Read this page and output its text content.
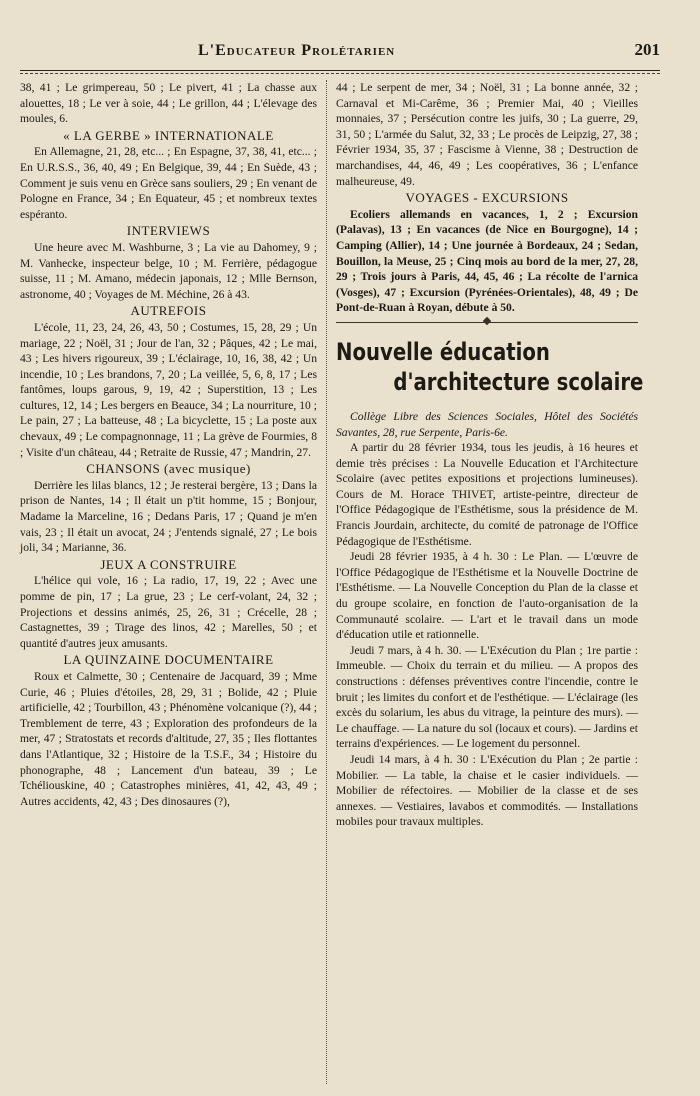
L'Educateur Prolétarien	201

38, 41 ; Le grimpereau, 50 ; Le pivert, 41 ; La chasse aux alouettes, 18 ; Le ver à soie, 44 ; Le grillon, 44 ; L'élevage des moules, 6.

« LA GERBE » INTERNATIONALE

En Allemagne, 21, 28, etc... ; En Espagne, 37, 38, 41, etc... ; En U.R.S.S., 36, 40, 49 ; En Belgique, 39, 44 ; En Suède, 43 ; Comment je suis venu en Grèce sans souliers, 29 ; En venant de Pologne en France, 34 ; En Equateur, 45 ; et nombreux textes espéranto.

INTERVIEWS

Une heure avec M. Washburne, 3 ; La vie au Dahomey, 9 ; M. Vanhecke, inspecteur belge, 10 ; M. Ferrière, pédagogue suisse, 11 ; M. Amano, médecin japonais, 12 ; Mlle Bernson, astronome, 40 ; Voyages de M. Méchine, 26 à 43.

AUTREFOIS

L'école, 11, 23, 24, 26, 43, 50 ; Costumes, 15, 28, 29 ; Un mariage, 22 ; Noël, 31 ; Jour de l'an, 32 ; Pâques, 42 ; Le mai, 43 ; Les hivers rigoureux, 39 ; L'éclairage, 10, 16, 38, 42 ; Un incendie, 10 ; Les brandons, 7, 20 ; La veillée, 5, 6, 8, 17 ; Les fantômes, loups garous, 9, 19, 42 ; Superstition, 13 ; Les cultures, 12, 14 ; Les bergers en Beauce, 34 ; La nourriture, 10 ; Le pain, 27 ; La batteuse, 48 ; La bicyclette, 15 ; La poste aux chevaux, 49 ; Le compagnonnage, 11 ; La grève de Fourmies, 8 ; Visite d'un château, 44 ; Retraite de Russie, 47 ; Mandrin, 27.

CHANSONS (avec musique)

Derrière les lilas blancs, 12 ; Je resterai bergère, 13 ; Dans la prison de Nantes, 14 ; Il était un p'tit homme, 15 ; Bonjour, Madame la Marceline, 16 ; Dedans Paris, 17 ; Quand je m'en vais, 23 ; Il était un avocat, 24 ; J'entends signalé, 27 ; Le bois joli, 34 ; Marianne, 36.

JEUX A CONSTRUIRE

L'hélice qui vole, 16 ; La radio, 17, 19, 22 ; Avec une pomme de pin, 17 ; La grue, 23 ; Le cerf-volant, 24, 32 ; Projections et dessins animés, 25, 26, 31 ; Crécelle, 28 ; Castagnettes, 39 ; Tirage des linos, 42 ; Marelles, 50 ; et quantité d'autres jeux amusants.

LA QUINZAINE DOCUMENTAIRE

Roux et Calmette, 30 ; Centenaire de Jacquard, 39 ; Mme Curie, 46 ; Pluies d'étoiles, 28, 29, 31 ; Bolide, 42 ; Pluie artificielle, 42 ; Tourbillon, 43 ; Phénomène volcanique (?), 44 ; Tremblement de terre, 43 ; Exploration des profondeurs de la mer, 47 ; Stratostats et records d'altitude, 27, 35 ; Iles flottantes dans l'Atlantique, 32 ; Histoire de la T.S.F., 34 ; Histoire du phonographe, 48 ; Lancement d'un bateau, 39 ; Le Tchéliouskine, 40 ; Catastrophes minières, 41, 42, 43, 49 ; Autres accidents, 42, 43 ; Des dinosaures (?),

44 ; Le serpent de mer, 34 ; Noël, 31 ; La bonne année, 32 ; Carnaval et Mi-Carême, 36 ; Premier Mai, 40 ; Vieilles monnaies, 37 ; Persécution contre les juifs, 30 ; La guerre, 29, 31, 50 ; L'armée du Salut, 32, 33 ; Le procès de Leipzig, 27, 38 ; Février 1934, 35, 37 ; Fascisme à Vienne, 38 ; Destruction de marchandises, 44, 46, 49 ; Les coopératives, 36 ; L'enfance malheureuse, 49.

VOYAGES - EXCURSIONS

Ecoliers allemands en vacances, 1, 2 ; Excursion (Palavas), 13 ; En vacances (de Nice en Bourgogne), 14 ; Camping (Allier), 14 ; Une journée à Bordeaux, 24 ; Sedan, Bouillon, la Meuse, 25 ; Cinq mois au bord de la mer, 27, 28, 29 ; Trois jours à Paris, 44, 45, 46 ; La récolte de l'arnica (Vosges), 47 ; Excursion (Pyrénées-Orientales), 48, 49 ; De Pont-de-Ruan à Royan, débute à 50.

Nouvelle éducation
d'architecture scolaire

Collège Libre des Sciences Sociales, Hôtel des Sociétés Savantes, 28, rue Serpente, Paris-6e.

A partir du 28 février 1934, tous les jeudis, à 16 heures et demie très précises : La Nouvelle Education et l'Architecture Scolaire (avec petites expositions et projections lumineuses). Cours de M. Horace THIVET, artiste-peintre, directeur de l'Office Pédagogique de l'Esthétisme, sous la présidence de M. Francis Jourdain, architecte, du comité de patronage de l'Office Pédagogique de l'Esthétisme.

Jeudi 28 février 1935, à 4 h. 30 : Le Plan. — L'œuvre de l'Office Pédagogique de l'Esthétisme et la Nouvelle Doctrine de l'Esthétisme. — La Nouvelle Conception du Plan de la classe et du groupe scolaire, en fonction de l'auto-organisation de la Communauté scolaire. — L'art et le travail dans un mode d'éducation utile et rationnelle.

Jeudi 7 mars, à 4 h. 30. — L'Exécution du Plan ; 1re partie : Immeuble. — Choix du terrain et du milieu. — A propos des constructions : défenses préventives contre l'incendie, contre le bruit ; les limites du confort et de l'esthétique. — L'éclairage (les excès du solarium, les abus du vitrage, la peinture des murs). — Le chauffage. — La nature du sol (locaux et cours). — Jardins et terrains d'expériences. — Le logement du personnel.

Jeudi 14 mars, à 4 h. 30 : L'Exécution du Plan ; 2e partie : Mobilier. — La table, la chaise et le casier individuels. — Mobilier de réfectoires. — Mobilier de la classe et de ses annexes. — Vestiaires, lavabos et commodités. — Installations mobiles pour travaux multiples.
